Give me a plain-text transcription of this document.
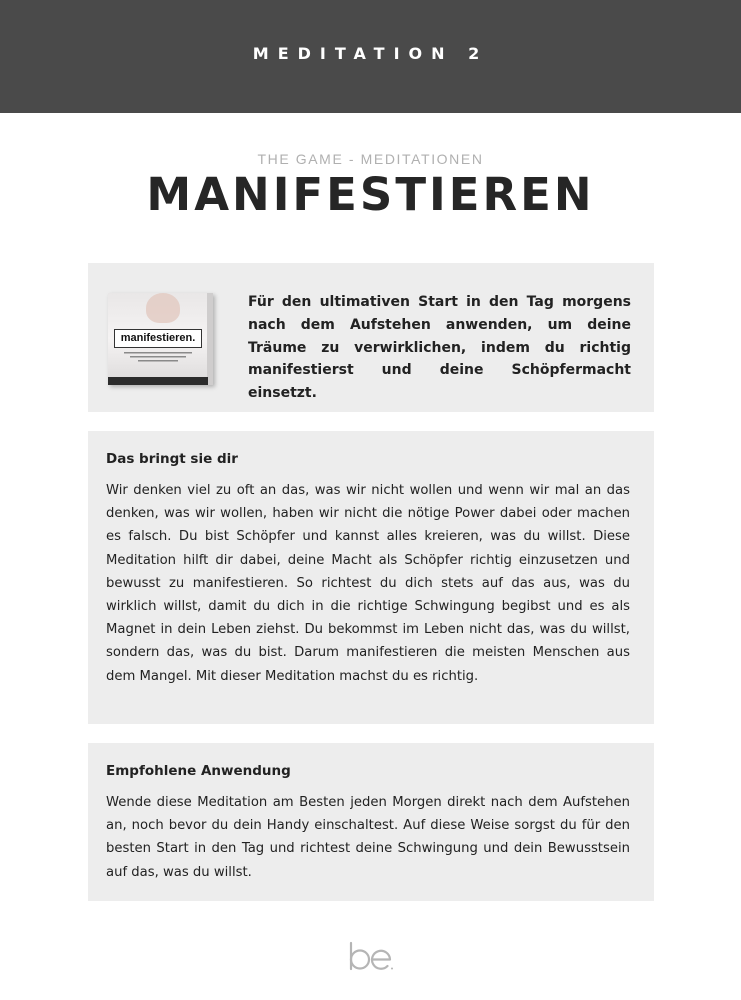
MEDITATION 2
THE GAME - MEDITATIONEN
MANIFESTIEREN
manifestieren.
Für den ultimativen Start in den Tag morgens nach dem Aufstehen anwenden, um deine Träume zu verwirklichen, indem du richtig manifestierst und deine Schöpfermacht einsetzt.
Das bringt sie dir
Wir denken viel zu oft an das, was wir nicht wollen und wenn wir mal an das denken, was wir wollen, haben wir nicht die nötige Power dabei oder machen es falsch. Du bist Schöpfer und kannst alles kreieren, was du willst. Diese Meditation hilft dir dabei, deine Macht als Schöpfer richtig einzusetzen und bewusst zu manifestieren. So richtest du dich stets auf das aus, was du wirklich willst, damit du dich in die richtige Schwingung begibst und es als Magnet in dein Leben ziehst. Du bekommst im Leben nicht das, was du willst, sondern das, was du bist. Darum manifestieren die meisten Menschen aus dem Mangel. Mit dieser Meditation machst du es richtig.
Empfohlene Anwendung
Wende diese Meditation am Besten jeden Morgen direkt nach dem Aufstehen an, noch bevor du dein Handy einschaltest. Auf diese Weise sorgst du für den besten Start in den Tag und richtest deine Schwingung und dein Bewusstsein auf das, was du willst.
